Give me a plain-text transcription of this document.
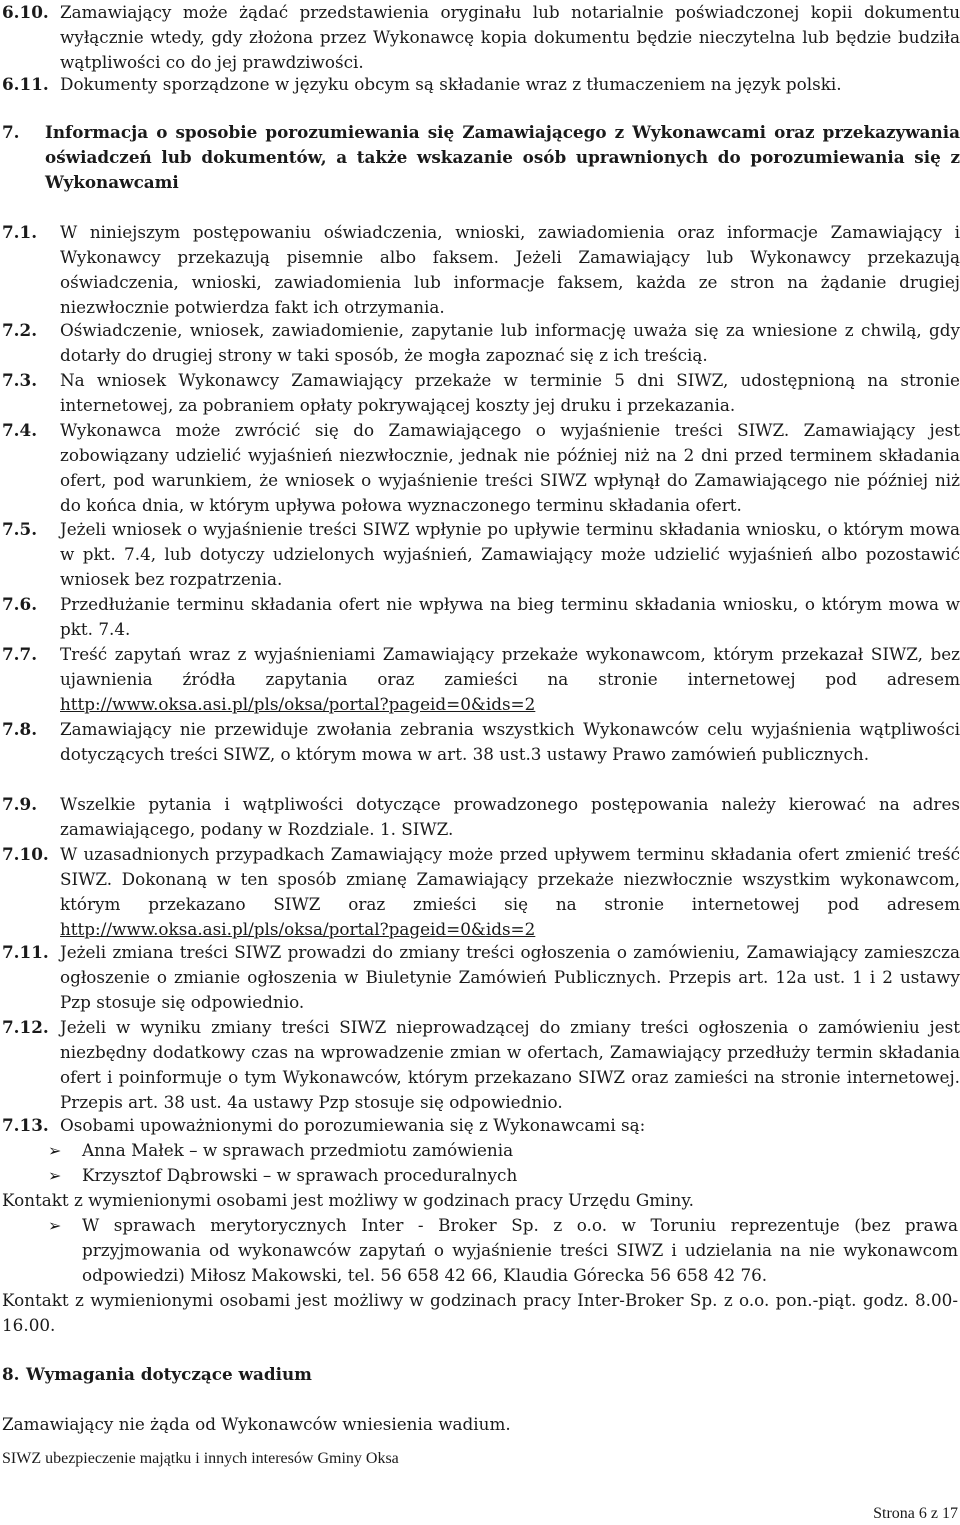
6.10. Zamawiający może żądać przedstawienia oryginału lub notarialnie poświadczonej kopii dokumentu wyłącznie wtedy, gdy złożona przez Wykonawcę kopia dokumentu będzie nieczytelna lub będzie budziła wątpliwości co do jej prawdziwości.
6.11. Dokumenty sporządzone w języku obcym są składanie wraz z tłumaczeniem na język polski.
7. Informacja o sposobie porozumiewania się Zamawiającego z Wykonawcami oraz przekazywania oświadczeń lub dokumentów, a także wskazanie osób uprawnionych do porozumiewania się z Wykonawcami
7.1. W niniejszym postępowaniu oświadczenia, wnioski, zawiadomienia oraz informacje Zamawiający i Wykonawcy przekazują pisemnie albo faksem. Jeżeli Zamawiający lub Wykonawcy przekazują oświadczenia, wnioski, zawiadomienia lub informacje faksem, każda ze stron na żądanie drugiej niezwłocznie potwierdza fakt ich otrzymania.
7.2. Oświadczenie, wniosek, zawiadomienie, zapytanie lub informację uważa się za wniesione z chwilą, gdy dotarły do drugiej strony w taki sposób, że mogła zapoznać się z ich treścią.
7.3. Na wniosek Wykonawcy Zamawiający przekaże w terminie 5 dni SIWZ, udostępnioną na stronie internetowej, za pobraniem opłaty pokrywającej koszty jej druku i przekazania.
7.4. Wykonawca może zwrócić się do Zamawiającego o wyjaśnienie treści SIWZ. Zamawiający jest zobowiązany udzielić wyjaśnień niezwłocznie, jednak nie później niż na 2 dni przed terminem składania ofert, pod warunkiem, że wniosek o wyjaśnienie treści SIWZ wpłynął do Zamawiającego nie później niż do końca dnia, w którym upływa połowa wyznaczonego terminu składania ofert.
7.5. Jeżeli wniosek o wyjaśnienie treści SIWZ wpłynie po upływie terminu składania wniosku, o którym mowa w pkt. 7.4, lub dotyczy udzielonych wyjaśnień, Zamawiający może udzielić wyjaśnień albo pozostawić wniosek bez rozpatrzenia.
7.6. Przedłużanie terminu składania ofert nie wpływa na bieg terminu składania wniosku, o którym mowa w pkt. 7.4.
7.7. Treść zapytań wraz z wyjaśnieniami Zamawiający przekaże wykonawcom, którym przekazał SIWZ, bez ujawnienia źródła zapytania oraz zamieści na stronie internetowej pod adresem http://www.oksa.asi.pl/pls/oksa/portal?pageid=0&ids=2
7.8. Zamawiający nie przewiduje zwołania zebrania wszystkich Wykonawców celu wyjaśnienia wątpliwości dotyczących treści SIWZ, o którym mowa w art. 38 ust.3 ustawy Prawo zamówień publicznych.
7.9. Wszelkie pytania i wątpliwości dotyczące prowadzonego postępowania należy kierować na adres zamawiającego, podany w Rozdziale. 1. SIWZ.
7.10. W uzasadnionych przypadkach Zamawiający może przed upływem terminu składania ofert zmienić treść SIWZ. Dokonaną w ten sposób zmianę Zamawiający przekaże niezwłocznie wszystkim wykonawcom, którym przekazano SIWZ oraz zmieści się na stronie internetowej pod adresem http://www.oksa.asi.pl/pls/oksa/portal?pageid=0&ids=2
7.11. Jeżeli zmiana treści SIWZ prowadzi do zmiany treści ogłoszenia o zamówieniu, Zamawiający zamieszcza ogłoszenie o zmianie ogłoszenia w Biuletynie Zamówień Publicznych. Przepis art. 12a ust. 1 i 2 ustawy Pzp stosuje się odpowiednio.
7.12. Jeżeli w wyniku zmiany treści SIWZ nieprowadzącej do zmiany treści ogłoszenia o zamówieniu jest niezbędny dodatkowy czas na wprowadzenie zmian w ofertach, Zamawiający przedłuży termin składania ofert i poinformuje o tym Wykonawców, którym przekazano SIWZ oraz zamieści na stronie internetowej. Przepis art. 38 ust. 4a ustawy Pzp stosuje się odpowiednio.
7.13. Osobami upoważnionymi do porozumiewania się z Wykonawcami są:
➢ Anna Małek – w sprawach przedmiotu zamówienia
➢ Krzysztof Dąbrowski – w sprawach proceduralnych
Kontakt z wymienionymi osobami jest możliwy w godzinach pracy Urzędu Gminy.
➢ W sprawach merytorycznych Inter - Broker Sp. z o.o. w Toruniu reprezentuje (bez prawa przyjmowania od wykonawców zapytań o wyjaśnienie treści SIWZ i udzielania na nie wykonawcom odpowiedzi) Miłosz Makowski, tel. 56 658 42 66, Klaudia Górecka 56 658 42 76.
Kontakt z wymienionymi osobami jest możliwy w godzinach pracy Inter-Broker Sp. z o.o. pon.-piąt. godz. 8.00-16.00.
8. Wymagania dotyczące wadium
Zamawiający nie żąda od Wykonawców wniesienia wadium.
SIWZ ubezpieczenie majątku i innych interesów Gminy Oksa
Strona 6 z 17
